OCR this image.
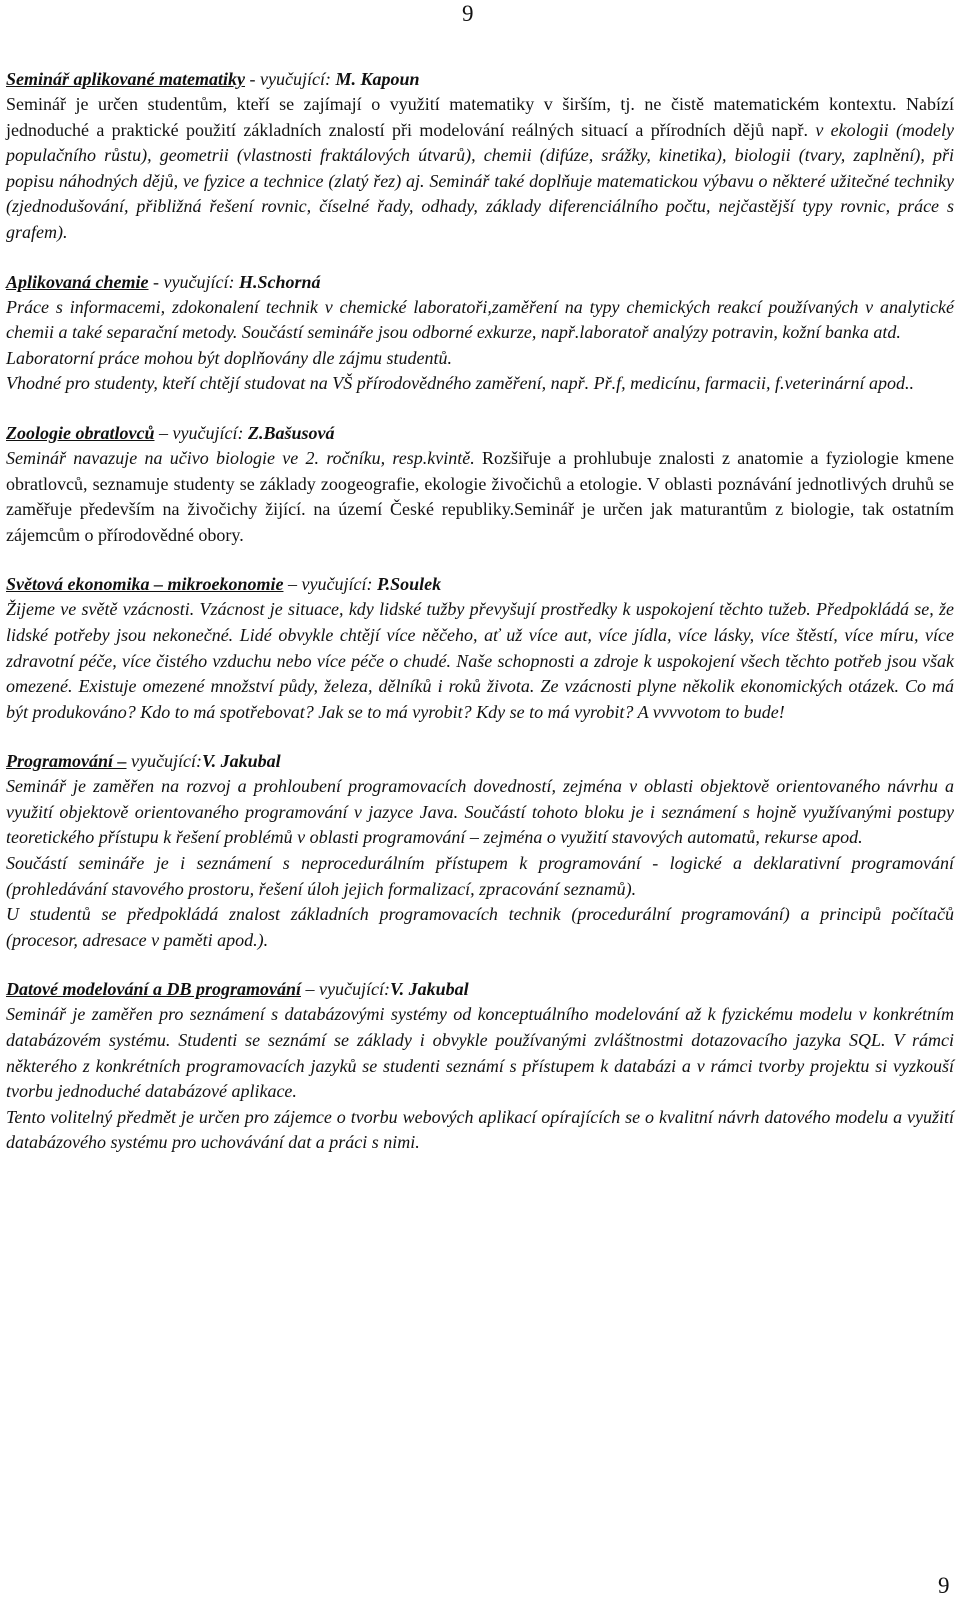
9
Seminář aplikované matematiky - vyučující: M. Kapoun

Seminář je určen studentům, kteří se zajímají o využití matematiky v širším, tj. ne čistě matematickém kontextu. Nabízí jednoduché a praktické použití základních znalostí při modelování reálných situací a přírodních dějů např. v ekologii (modely populačního růstu), geometrii (vlastnosti fraktálových útvarů), chemii (difúze, srážky, kinetika), biologii (tvary, zaplnění), při popisu náhodných dějů, ve fyzice a technice (zlatý řez) aj. Seminář také doplňuje matematickou výbavu o některé užitečné techniky (zjednodušování, přibližná řešení rovnic, číselné řady, odhady, základy diferenciálního počtu, nejčastější typy rovnic, práce s grafem).

Aplikovaná chemie - vyučující: H.Schorná

Práce s informacemi, zdokonalení technik v chemické laboratoři,zaměření na typy chemických reakcí používaných v analytické chemii a také separační metody. Součástí semináře jsou odborné exkurze, např.laboratoř analýzy potravin, kožní banka atd.

Laboratorní práce mohou být doplňovány dle zájmu studentů.

Vhodné pro studenty, kteří chtějí studovat na VŠ přírodovědného zaměření, např. Př.f, medicínu, farmacii, f.veterinární apod..

Zoologie obratlovců – vyučující: Z.Bašusová

Seminář navazuje na učivo biologie ve 2. ročníku, resp.kvintě. Rozšiřuje a prohlubuje znalosti z anatomie a fyziologie kmene obratlovců, seznamuje studenty se základy zoogeografie, ekologie živočichů a etologie. V oblasti poznávání jednotlivých druhů se zaměřuje především na živočichy žijící. na území České republiky.Seminář je určen jak maturantům z biologie, tak ostatním zájemcům o přírodovědné obory.

Světová ekonomika – mikroekonomie – vyučující: P.Soulek

Žijeme ve světě vzácnosti. Vzácnost je situace, kdy lidské tužby převyšují prostředky k uspokojení těchto tužeb. Předpokládá se, že lidské potřeby jsou nekonečné. Lidé obvykle chtějí více něčeho, ať už více aut, více jídla, více lásky, více štěstí, více míru, více zdravotní péče, více čistého vzduchu nebo více péče o chudé. Naše schopnosti a zdroje k uspokojení všech těchto potřeb jsou však omezené. Existuje omezené množství půdy, železa, dělníků i roků života. Ze vzácnosti plyne několik ekonomických otázek. Co má být produkováno? Kdo to má spotřebovat? Jak se to má vyrobit? Kdy se to má vyrobit? A vvvvotom to bude!

Programování – vyučující:V. Jakubal

Seminář je zaměřen na rozvoj a prohloubení programovacích dovedností, zejména v oblasti objektově orientovaného návrhu a využití objektově orientovaného programování v jazyce Java. Součástí tohoto bloku je i seznámení s hojně využívanými postupy teoretického přístupu k řešení problémů v oblasti programování – zejména o využití stavových automatů, rekurse apod.

Součástí semináře je i seznámení s neprocedurálním přístupem k programování - logické a deklarativní programování (prohledávání stavového prostoru, řešení úloh jejich formalizací, zpracování seznamů).

U studentů se předpokládá znalost základních programovacích technik (procedurální programování) a principů počítačů (procesor, adresace v paměti apod.).

Datové modelování a DB programování – vyučující:V. Jakubal

Seminář je zaměřen pro seznámení s databázovými systémy od konceptuálního modelování až k fyzickému modelu v konkrétním databázovém systému. Studenti se seznámí se základy i obvykle používanými zvláštnostmi dotazovacího jazyka SQL. V rámci některého z konkrétních programovacích jazyků se studenti seznámí s přístupem k databázi a v rámci tvorby projektu si vyzkouší tvorbu jednoduché databázové aplikace.

Tento volitelný předmět je určen pro zájemce o tvorbu webových aplikací opírajících se o kvalitní návrh datového modelu a využití databázového systému pro uchovávání dat a práci s nimi.

9
